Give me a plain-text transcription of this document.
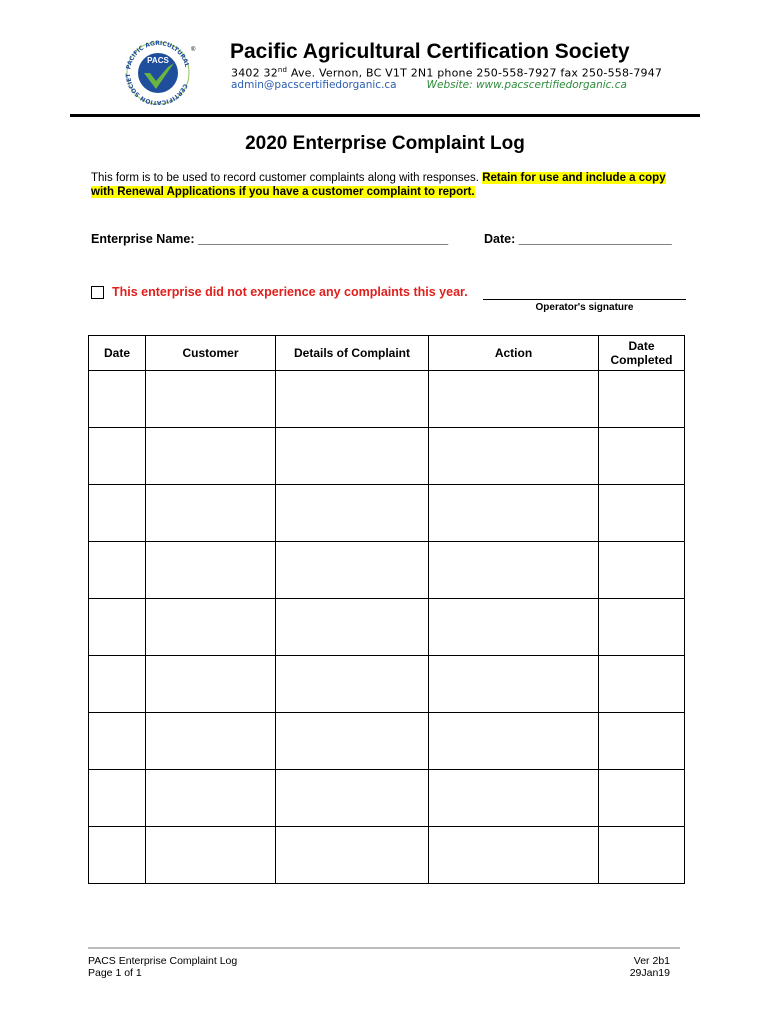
PACIFIC AGRICULTURAL
CERTIFICATION SOCIET
PACS
® Pacific Agricultural Certification Society
3402 32nd Ave. Vernon, BC V1T 2N1 phone 250-558-7927 fax 250-558-7947
admin@pacscertifiedorganic.ca	Website: www.pacscertifiedorganic.ca
2020 Enterprise Complaint Log
This form is to be used to record customer complaints along with responses. Retain for use and include a copy with Renewal Applications if you have a customer complaint to report.
Enterprise Name: ____________________________________	Date: ______________________
This enterprise did not experience any complaints this year.
Operator's signature
Date	Customer	Details of Complaint	Action	Date Completed

PACS Enterprise Complaint Log
Page 1 of 1
Ver 2b1
29Jan19
